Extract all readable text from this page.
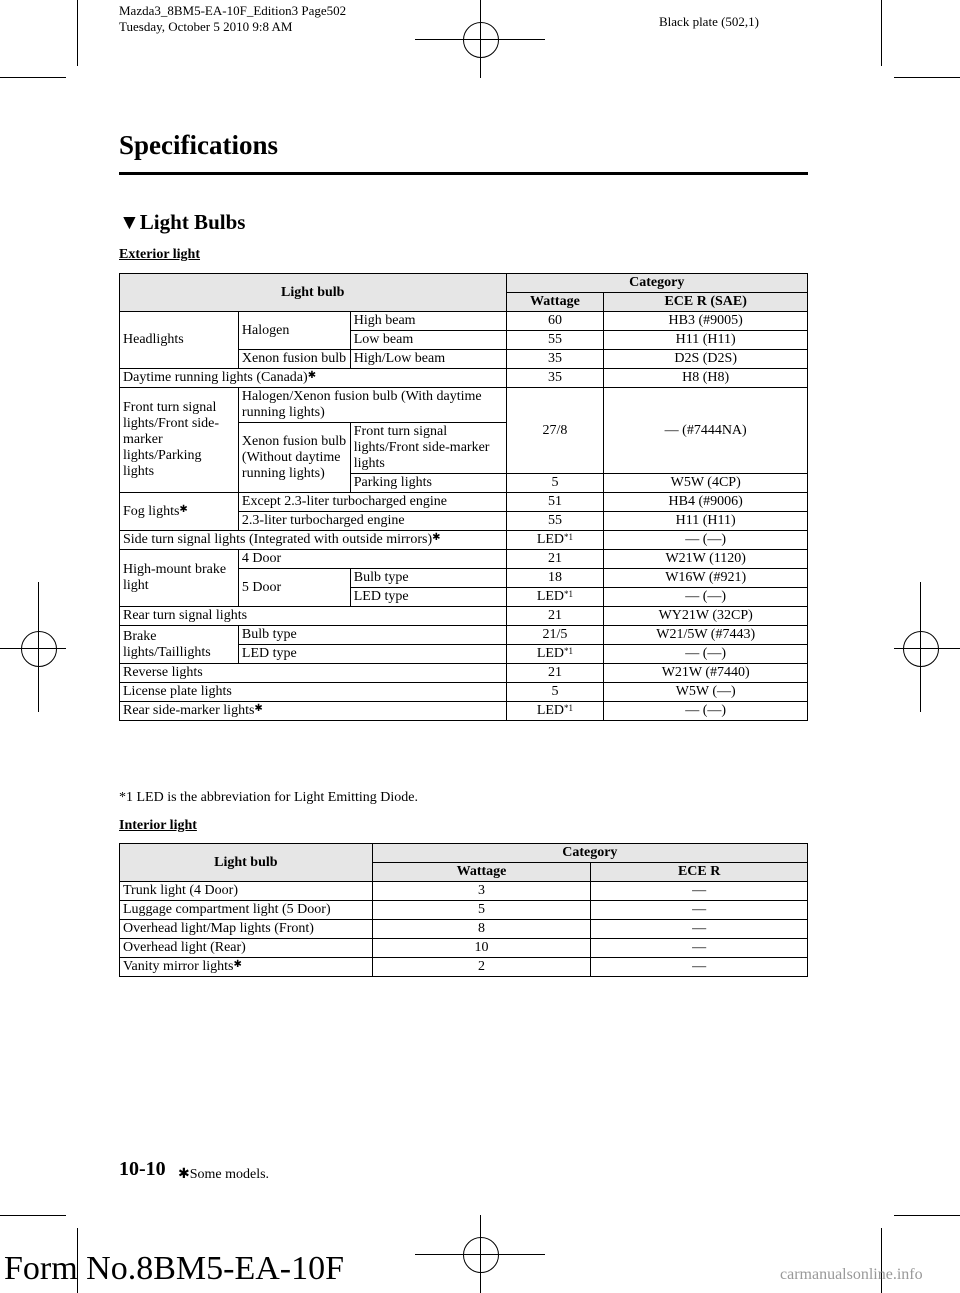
Mazda3_8BM5-EA-10F_Edition3 Page502
Tuesday, October 5 2010 9:8 AM	Black plate (502,1)
Specifications
▼Light Bulbs
Exterior light
Light bulb			Category	
			Wattage	ECE R (SAE)
Headlights	Halogen	High beam	60	HB3 (#9005)
		Low beam	55	H11 (H11)
	Xenon fusion bulb	High/Low beam	35	D2S (D2S)
Daytime running lights (Canada)✱			35	H8 (H8)
Front turn signal lights/Front side-marker lights/Parking lights	Halogen/Xenon fusion bulb (With daytime running lights)		27/8	― (#7444NA)
	Xenon fusion bulb (Without daytime running lights)	Front turn signal lights/Front side-marker lights		
		Parking lights	5	W5W (4CP)
Fog lights✱	Except 2.3-liter turbocharged engine		51	HB4 (#9006)
	2.3-liter turbocharged engine		55	H11 (H11)
Side turn signal lights (Integrated with outside mirrors)✱			LED$^{*1}$	― (―)
High-mount brake light	4 Door		21	W21W (1120)
	5 Door	Bulb type	18	W16W (#921)
		LED type	LED$^{*1}$	― (―)
Rear turn signal lights			21	WY21W (32CP)
Brake lights/Taillights	Bulb type		21/5	W21/5W (#7443)
	LED type		LED$^{*1}$	― (―)
Reverse lights			21	W21W (#7440)
License plate lights			5	W5W (―)
Rear side-marker lights✱			LED$^{*1}$	― (―)
*1 LED is the abbreviation for Light Emitting Diode.
Interior light
Light bulb	Category	
	Wattage	ECE R
Trunk light (4 Door)	3	―
Luggage compartment light (5 Door)	5	―
Overhead light/Map lights (Front)	8	―
Overhead light (Rear)	10	―
Vanity mirror lights✱	2	―
10-10 ✱Some models.
Form No.8BM5-EA-10F	carmanualsonline.info
